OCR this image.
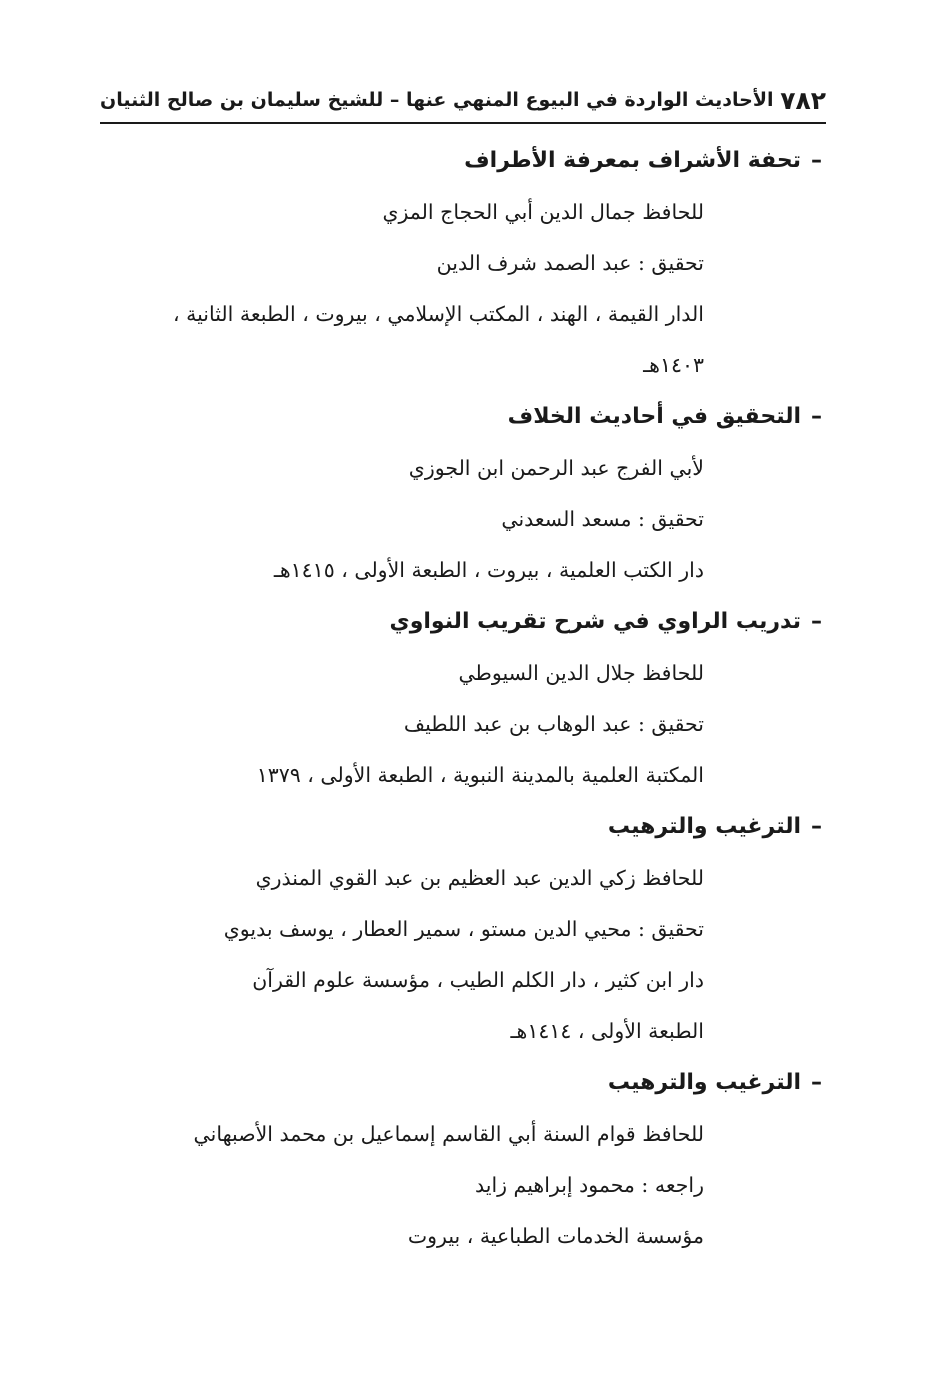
٧٨٢
الأحاديث الواردة في البيوع المنهي عنها – للشيخ سليمان بن صالح الثنيان
–تحفة الأشراف بمعرفة الأطراف
للحافظ جمال الدين أبي الحجاج المزي
تحقيق : عبد الصمد شرف الدين
الدار القيمة ، الهند ، المكتب الإسلامي ، بيروت ، الطبعة الثانية ،
١٤٠٣هـ
–التحقيق في أحاديث الخلاف
لأبي الفرج عبد الرحمن ابن الجوزي
تحقيق : مسعد السعدني
دار الكتب العلمية ، بيروت ، الطبعة الأولى ، ١٤١٥هـ
–تدريب الراوي في شرح تقريب النواوي
للحافظ جلال الدين السيوطي
تحقيق : عبد الوهاب بن عبد اللطيف
المكتبة العلمية بالمدينة النبوية ، الطبعة الأولى ، ١٣٧٩
–الترغيب والترهيب
للحافظ زكي الدين عبد العظيم بن عبد القوي المنذري
تحقيق : محيي الدين مستو ، سمير العطار ، يوسف بديوي
دار ابن كثير ، دار الكلم الطيب ، مؤسسة علوم القرآن
الطبعة الأولى ، ١٤١٤هـ
–الترغيب والترهيب
للحافظ قوام السنة أبي القاسم إسماعيل بن محمد الأصبهاني
راجعه : محمود إبراهيم زايد
مؤسسة الخدمات الطباعية ، بيروت
